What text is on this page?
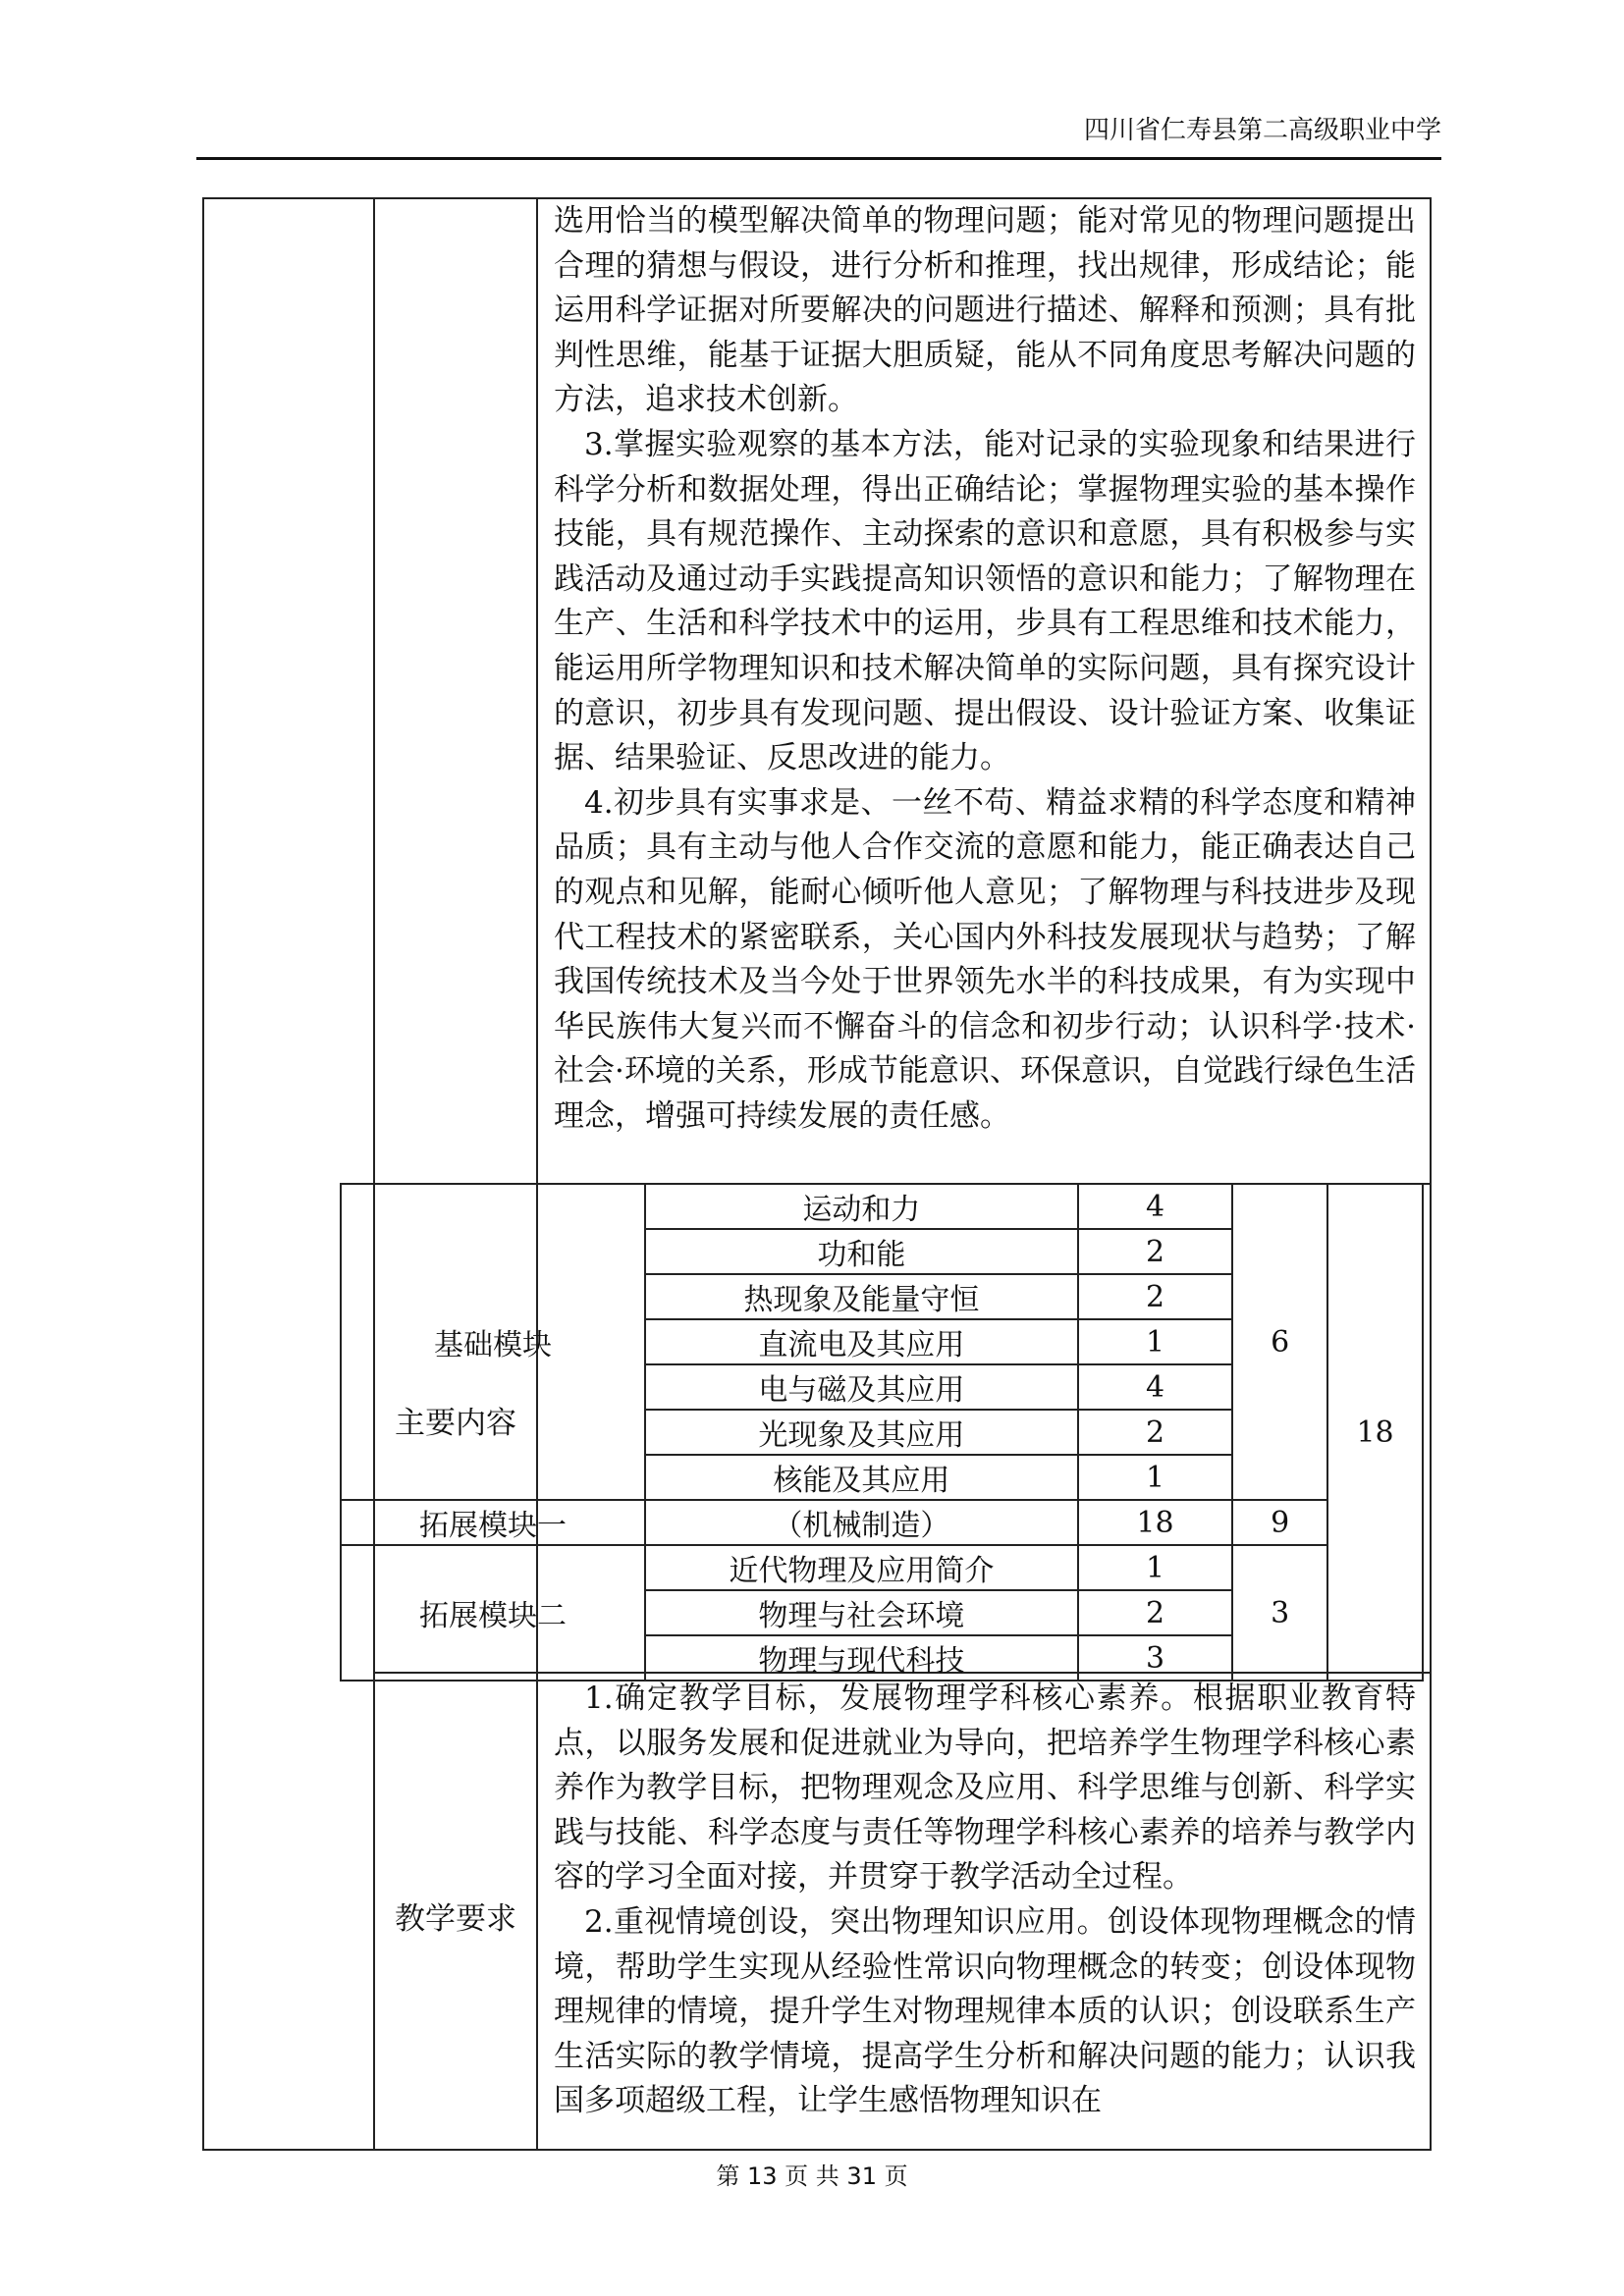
四川省仁寿县第二高级职业中学

选用恰当的模型解决简单的物理问题；能对常见的物理问题提出合理的猜想与假设，进行分析和推理，找出规律，形成结论；能运用科学证据对所要解决的问题进行描述、解释和预测；具有批判性思维，能基于证据大胆质疑，能从不同角度思考解决问题的方法，追求技术创新。

3.掌握实验观察的基本方法，能对记录的实验现象和结果进行科学分析和数据处理，得出正确结论；掌握物理实验的基本操作技能，具有规范操作、主动探索的意识和意愿，具有积极参与实践活动及通过动手实践提高知识领悟的意识和能力；了解物理在生产、生活和科学技术中的运用，步具有工程思维和技术能力，能运用所学物理知识和技术解决简单的实际问题，具有探究设计的意识，初步具有发现问题、提出假设、设计验证方案、收集证据、结果验证、反思改进的能力。

4.初步具有实事求是、一丝不苟、精益求精的科学态度和精神品质；具有主动与他人合作交流的意愿和能力，能正确表达自己的观点和见解，能耐心倾听他人意见；了解物理与科技进步及现代工程技术的紧密联系，关心国内外科技发展现状与趋势；了解我国传统技术及当今处于世界领先水半的科技成果，有为实现中华民族伟大复兴而不懈奋斗的信念和初步行动；认识科学·技术·社会·环境的关系，形成节能意识、环保意识，自觉践行绿色生活理念，增强可持续发展的责任感。

主要内容
教学要求

1.确定教学目标，发展物理学科核心素养。根据职业教育特点，以服务发展和促进就业为导向，把培养学生物理学科核心素养作为教学目标，把物理观念及应用、科学思维与创新、科学实践与技能、科学态度与责任等物理学科核心素养的培养与教学内容的学习全面对接，并贯穿于教学活动全过程。

2.重视情境创设，突出物理知识应用。创设体现物理概念的情境，帮助学生实现从经验性常识向物理概念的转变；创设体现物理规律的情境，提升学生对物理规律本质的认识；创设联系生产生活实际的教学情境，提高学生分析和解决问题的能力；认识我国多项超级工程，让学生感悟物理知识在

基础模块	运动和力	4	6	18
	功和能	2		
	热现象及能量守恒	2		
	直流电及其应用	1		
	电与磁及其应用	4		
	光现象及其应用	2		
	核能及其应用	1		
拓展模块一	（机械制造）	18	9	
拓展模块二	近代物理及应用简介	1	3	
	物理与社会环境	2		
	物理与现代科技	3		
第 13 页 共 31 页
